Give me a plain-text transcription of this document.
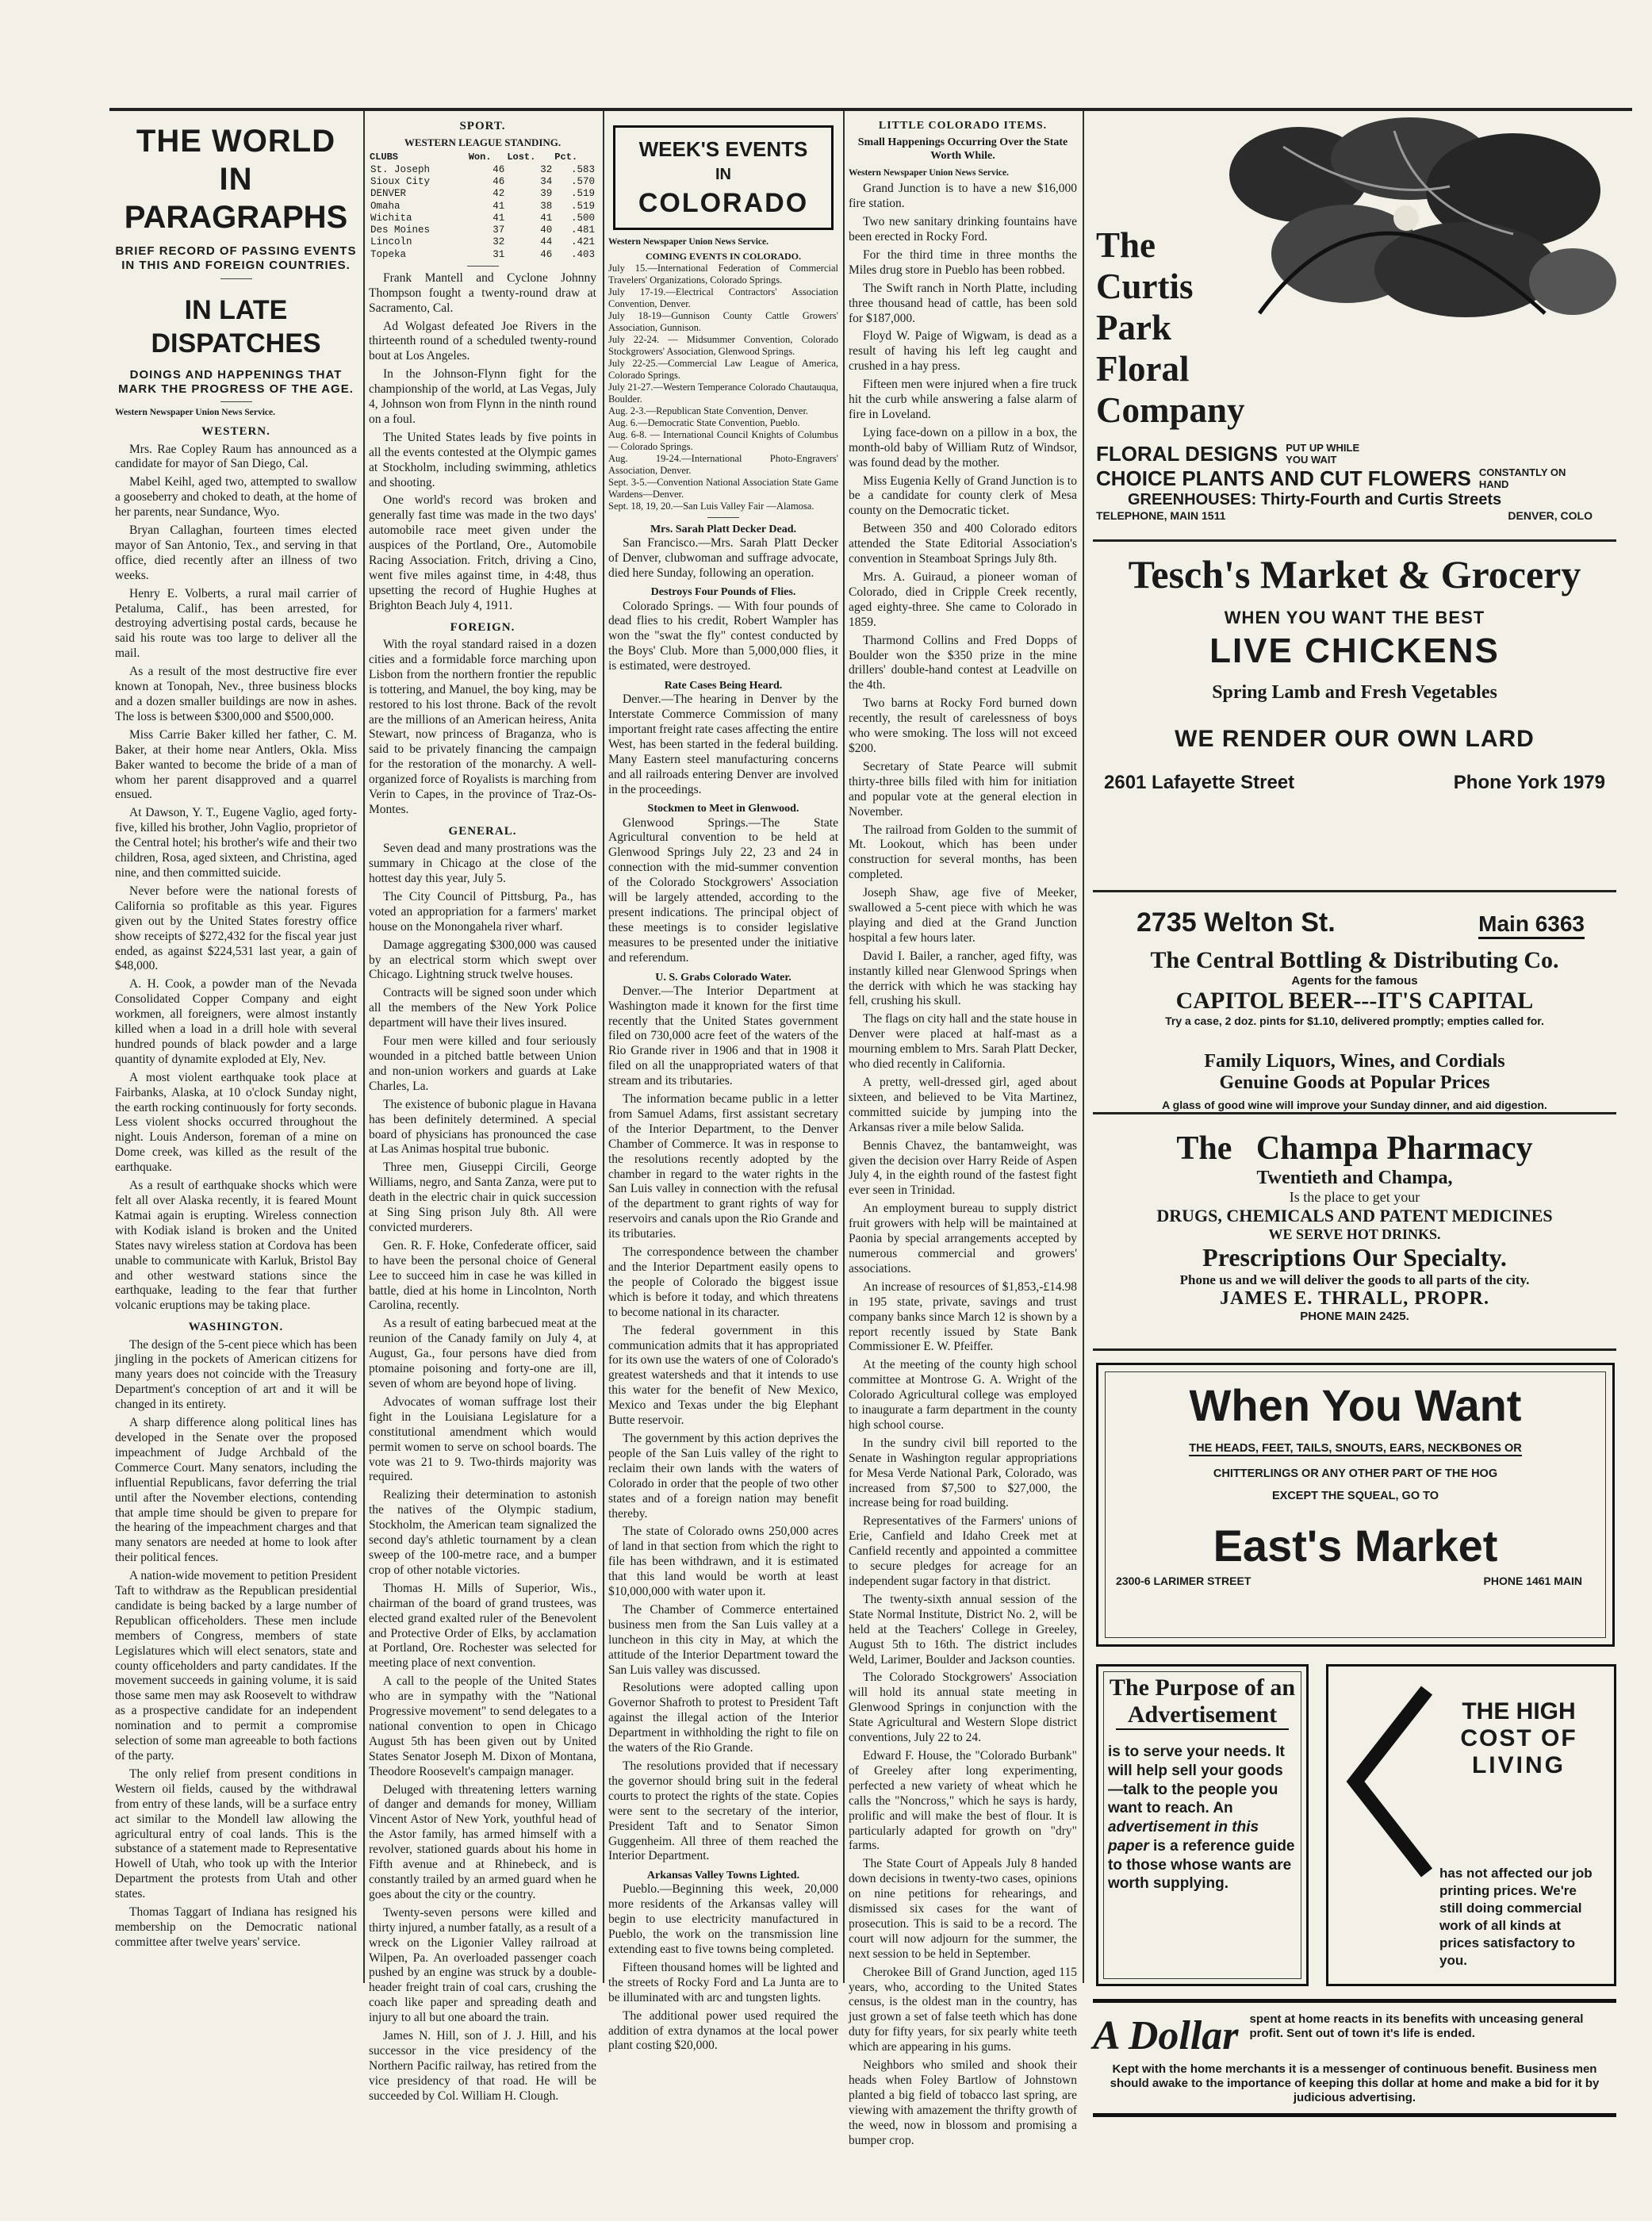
THE WORLD IN
PARAGRAPHS
BRIEF RECORD OF PASSING EVENTS IN THIS AND FOREIGN COUNTRIES.
IN LATE DISPATCHES
DOINGS AND HAPPENINGS THAT MARK THE PROGRESS OF THE AGE.
Western Newspaper Union News Service.
WESTERN.

Mrs. Rae Copley Raum has announced as a candidate for mayor of San Diego, Cal.

Mabel Keihl, aged two, attempted to swallow a gooseberry and choked to death, at the home of her parents, near Sundance, Wyo.

Bryan Callaghan, fourteen times elected mayor of San Antonio, Tex., and serving in that office, died recently after an illness of two weeks.

Henry E. Volberts, a rural mail carrier of Petaluma, Calif., has been arrested, for destroying advertising postal cards, because he said his route was too large to deliver all the mail.

As a result of the most destructive fire ever known at Tonopah, Nev., three business blocks and a dozen smaller buildings are now in ashes. The loss is between $300,000 and $500,000.

Miss Carrie Baker killed her father, C. M. Baker, at their home near Antlers, Okla. Miss Baker wanted to become the bride of a man of whom her parent disapproved and a quarrel ensued.

At Dawson, Y. T., Eugene Vaglio, aged forty-five, killed his brother, John Vaglio, proprietor of the Central hotel; his brother's wife and their two children, Rosa, aged sixteen, and Christina, aged nine, and then committed suicide.

Never before were the national forests of California so profitable as this year. Figures given out by the United States forestry office show receipts of $272,432 for the fiscal year just ended, as against $224,531 last year, a gain of $48,000.

A. H. Cook, a powder man of the Nevada Consolidated Copper Company and eight workmen, all foreigners, were almost instantly killed when a load in a drill hole with several hundred pounds of black powder and a large quantity of dynamite exploded at Ely, Nev.

A most violent earthquake took place at Fairbanks, Alaska, at 10 o'clock Sunday night, the earth rocking continuously for forty seconds. Less violent shocks occurred throughout the night. Louis Anderson, foreman of a mine on Dome creek, was killed as the result of the earthquake.

As a result of earthquake shocks which were felt all over Alaska recently, it is feared Mount Katmai again is erupting. Wireless connection with Kodiak island is broken and the United States navy wireless station at Cordova has been unable to communicate with Karluk, Bristol Bay and other westward stations since the earthquake, leading to the fear that further volcanic eruptions may be taking place.

WASHINGTON.

The design of the 5-cent piece which has been jingling in the pockets of American citizens for many years does not coincide with the Treasury Department's conception of art and it will be changed in its entirety.

A sharp difference along political lines has developed in the Senate over the proposed impeachment of Judge Archbald of the Commerce Court. Many senators, including the influential Republicans, favor deferring the trial until after the November elections, contending that ample time should be given to prepare for the hearing of the impeachment charges and that many senators are needed at home to look after their political fences.

A nation-wide movement to petition President Taft to withdraw as the Republican presidential candidate is being backed by a large number of Republican officeholders. These men include members of Congress, members of state Legislatures which will elect senators, state and county officeholders and party candidates. If the movement succeeds in gaining volume, it is said those same men may ask Roosevelt to withdraw as a prospective candidate for an independent nomination and to permit a compromise selection of some man agreeable to both factions of the party.

The only relief from present conditions in Western oil fields, caused by the withdrawal from entry of these lands, will be a surface entry act similar to the Mondell law allowing the agricultural entry of coal lands. This is the substance of a statement made to Representative Howell of Utah, who took up with the Interior Department the protests from Utah and other states.

Thomas Taggart of Indiana has resigned his membership on the Democratic national committee after twelve years' service.

SPORT.
WESTERN LEAGUE STANDING.
CLUBS	Won.	Lost.	Pct.
St. Joseph	46	32	.583
Sioux City	46	34	.570
DENVER	42	39	.519
Omaha	41	38	.519
Wichita	41	41	.500
Des Moines	37	40	.481
Lincoln	32	44	.421
Topeka	31	46	.403

Frank Mantell and Cyclone Johnny Thompson fought a twenty-round draw at Sacramento, Cal.

Ad Wolgast defeated Joe Rivers in the thirteenth round of a scheduled twenty-round bout at Los Angeles.

In the Johnson-Flynn fight for the championship of the world, at Las Vegas, July 4, Johnson won from Flynn in the ninth round on a foul.

The United States leads by five points in all the events contested at the Olympic games at Stockholm, including swimming, athletics and shooting.

One world's record was broken and generally fast time was made in the two days' automobile race meet given under the auspices of the Portland, Ore., Automobile Racing Association. Fritch, driving a Cino, went five miles against time, in 4:48, thus upsetting the record of Hughie Hughes at Brighton Beach July 4, 1911.

FOREIGN.

With the royal standard raised in a dozen cities and a formidable force marching upon Lisbon from the northern frontier the republic is tottering, and Manuel, the boy king, may be restored to his lost throne. Back of the revolt are the millions of an American heiress, Anita Stewart, now princess of Braganza, who is said to be privately financing the campaign for the restoration of the monarchy. A well-organized force of Royalists is marching from Verin to Capes, in the province of Traz-Os-Montes.

GENERAL.

Seven dead and many prostrations was the summary in Chicago at the close of the hottest day this year, July 5.

The City Council of Pittsburg, Pa., has voted an appropriation for a farmers' market house on the Monongahela river wharf.

Damage aggregating $300,000 was caused by an electrical storm which swept over Chicago. Lightning struck twelve houses.

Contracts will be signed soon under which all the members of the New York Police department will have their lives insured.

Four men were killed and four seriously wounded in a pitched battle between Union and non-union workers and guards at Lake Charles, La.

The existence of bubonic plague in Havana has been definitely determined. A special board of physicians has pronounced the case at Las Animas hospital true bubonic.

Three men, Giuseppi Circili, George Williams, negro, and Santa Zanza, were put to death in the electric chair in quick succession at Sing Sing prison July 8th. All were convicted murderers.

Gen. R. F. Hoke, Confederate officer, said to have been the personal choice of General Lee to succeed him in case he was killed in battle, died at his home in Lincolnton, North Carolina, recently.

As a result of eating barbecued meat at the reunion of the Canady family on July 4, at August, Ga., four persons have died from ptomaine poisoning and forty-one are ill, seven of whom are beyond hope of living.

Advocates of woman suffrage lost their fight in the Louisiana Legislature for a constitutional amendment which would permit women to serve on school boards. The vote was 21 to 9. Two-thirds majority was required.

Realizing their determination to astonish the natives of the Olympic stadium, Stockholm, the American team signalized the second day's athletic tournament by a clean sweep of the 100-metre race, and a bumper crop of other notable victories.

Thomas H. Mills of Superior, Wis., chairman of the board of grand trustees, was elected grand exalted ruler of the Benevolent and Protective Order of Elks, by acclamation at Portland, Ore. Rochester was selected for meeting place of next convention.

A call to the people of the United States who are in sympathy with the "National Progressive movement" to send delegates to a national convention to open in Chicago August 5th has been given out by United States Senator Joseph M. Dixon of Montana, Theodore Roosevelt's campaign manager.

Deluged with threatening letters warning of danger and demands for money, William Vincent Astor of New York, youthful head of the Astor family, has armed himself with a revolver, stationed guards about his home in Fifth avenue and at Rhinebeck, and is constantly trailed by an armed guard when he goes about the city or the country.

Twenty-seven persons were killed and thirty injured, a number fatally, as a result of a wreck on the Ligonier Valley railroad at Wilpen, Pa. An overloaded passenger coach pushed by an engine was struck by a double-header freight train of coal cars, crushing the coach like paper and spreading death and injury to all but one aboard the train.

James N. Hill, son of J. J. Hill, and his successor in the vice presidency of the Northern Pacific railway, has retired from the vice presidency of that road. He will be succeeded by Col. William H. Clough.

WEEK'S EVENTS
IN
COLORADO
Western Newspaper Union News Service.
COMING EVENTS IN COLORADO.
July 15.—International Federation of Commercial Travelers' Organizations, Colorado Springs.
July 17-19.—Electrical Contractors' Association Convention, Denver.
July 18-19—Gunnison County Cattle Growers' Association, Gunnison.
July 22-24. — Midsummer Convention, Colorado Stockgrowers' Association, Glenwood Springs.
July 22-25.—Commercial Law League of America, Colorado Springs.
July 21-27.—Western Temperance Colorado Chautauqua, Boulder.
Aug. 2-3.—Republican State Convention, Denver.
Aug. 6.—Democratic State Convention, Pueblo.
Aug. 6-8. — International Council Knights of Columbus — Colorado Springs.
Aug. 19-24.—International Photo-Engravers' Association, Denver.
Sept. 3-5.—Convention National Association State Game Wardens—Denver.
Sept. 18, 19, 20.—San Luis Valley Fair —Alamosa.
Mrs. Sarah Platt Decker Dead.

San Francisco.—Mrs. Sarah Platt Decker of Denver, clubwoman and suffrage advocate, died here Sunday, following an operation.

Destroys Four Pounds of Flies.

Colorado Springs. — With four pounds of dead flies to his credit, Robert Wampler has won the "swat the fly" contest conducted by the Boys' Club. More than 5,000,000 flies, it is estimated, were destroyed.

Rate Cases Being Heard.

Denver.—The hearing in Denver by the Interstate Commerce Commission of many important freight rate cases affecting the entire West, has been started in the federal building. Many Eastern steel manufacturing concerns and all railroads entering Denver are involved in the proceedings.

Stockmen to Meet in Glenwood.

Glenwood Springs.—The State Agricultural convention to be held at Glenwood Springs July 22, 23 and 24 in connection with the mid-summer convention of the Colorado Stockgrowers' Association will be largely attended, according to the present indications. The principal object of these meetings is to consider legislative measures to be presented under the initiative and referendum.

U. S. Grabs Colorado Water.

Denver.—The Interior Department at Washington made it known for the first time recently that the United States government filed on 730,000 acre feet of the waters of the Rio Grande river in 1906 and that in 1908 it filed on all the unappropriated waters of that stream and its tributaries.

The information became public in a letter from Samuel Adams, first assistant secretary of the Interior Department, to the Denver Chamber of Commerce. It was in response to the resolutions recently adopted by the chamber in regard to the water rights in the San Luis valley in connection with the refusal of the department to grant rights of way for reservoirs and canals upon the Rio Grande and its tributaries.

The correspondence between the chamber and the Interior Department easily opens to the people of Colorado the biggest issue which is before it today, and which threatens to become national in its character.

The federal government in this communication admits that it has appropriated for its own use the waters of one of Colorado's greatest watersheds and that it intends to use this water for the benefit of New Mexico, Mexico and Texas under the big Elephant Butte reservoir.

The government by this action deprives the people of the San Luis valley of the right to reclaim their own lands with the waters of Colorado in order that the people of two other states and of a foreign nation may benefit thereby.

The state of Colorado owns 250,000 acres of land in that section from which the right to file has been withdrawn, and it is estimated that this land would be worth at least $10,000,000 with water upon it.

The Chamber of Commerce entertained business men from the San Luis valley at a luncheon in this city in May, at which the attitude of the Interior Department toward the San Luis valley was discussed.

Resolutions were adopted calling upon Governor Shafroth to protest to President Taft against the illegal action of the Interior Department in withholding the right to file on the waters of the Rio Grande.

The resolutions provided that if necessary the governor should bring suit in the federal courts to protect the rights of the state. Copies were sent to the secretary of the interior, President Taft and to Senator Simon Guggenheim. All three of them reached the Interior Department.

Arkansas Valley Towns Lighted.

Pueblo.—Beginning this week, 20,000 more residents of the Arkansas valley will begin to use electricity manufactured in Pueblo, the work on the transmission line extending east to five towns being completed.

Fifteen thousand homes will be lighted and the streets of Rocky Ford and La Junta are to be illuminated with arc and tungsten lights.

The additional power used required the addition of extra dynamos at the local power plant costing $20,000.

LITTLE COLORADO ITEMS.
Small Happenings Occurring Over the State Worth While.
Western Newspaper Union News Service.

Grand Junction is to have a new $16,000 fire station.

Two new sanitary drinking fountains have been erected in Rocky Ford.

For the third time in three months the Miles drug store in Pueblo has been robbed.

The Swift ranch in North Platte, including three thousand head of cattle, has been sold for $187,000.

Floyd W. Paige of Wigwam, is dead as a result of having his left leg caught and crushed in a hay press.

Fifteen men were injured when a fire truck hit the curb while answering a false alarm of fire in Loveland.

Lying face-down on a pillow in a box, the month-old baby of William Rutz of Windsor, was found dead by the mother.

Miss Eugenia Kelly of Grand Junction is to be a candidate for county clerk of Mesa county on the Democratic ticket.

Between 350 and 400 Colorado editors attended the State Editorial Association's convention in Steamboat Springs July 8th.

Mrs. A. Guiraud, a pioneer woman of Colorado, died in Cripple Creek recently, aged eighty-three. She came to Colorado in 1859.

Tharmond Collins and Fred Dopps of Boulder won the $350 prize in the mine drillers' double-hand contest at Leadville on the 4th.

Two barns at Rocky Ford burned down recently, the result of carelessness of boys who were smoking. The loss will not exceed $200.

Secretary of State Pearce will submit thirty-three bills filed with him for initiation and popular vote at the general election in November.

The railroad from Golden to the summit of Mt. Lookout, which has been under construction for several months, has been completed.

Joseph Shaw, age five of Meeker, swallowed a 5-cent piece with which he was playing and died at the Grand Junction hospital a few hours later.

David I. Bailer, a rancher, aged fifty, was instantly killed near Glenwood Springs when the derrick with which he was stacking hay fell, crushing his skull.

The flags on city hall and the state house in Denver were placed at half-mast as a mourning emblem to Mrs. Sarah Platt Decker, who died recently in California.

A pretty, well-dressed girl, aged about sixteen, and believed to be Vita Martinez, committed suicide by jumping into the Arkansas river a mile below Salida.

Bennis Chavez, the bantamweight, was given the decision over Harry Reide of Aspen July 4, in the eighth round of the fastest fight ever seen in Trinidad.

An employment bureau to supply district fruit growers with help will be maintained at Paonia by special arrangements accepted by numerous commercial and growers' associations.

An increase of resources of $1,853,-£14.98 in 195 state, private, savings and trust company banks since March 12 is shown by a report recently issued by State Bank Commissioner E. W. Pfeiffer.

At the meeting of the county high school committee at Montrose G. A. Wright of the Colorado Agricultural college was employed to inaugurate a farm department in the county high school course.

In the sundry civil bill reported to the Senate in Washington regular appropriations for Mesa Verde National Park, Colorado, was increased from $7,500 to $27,000, the increase being for road building.

Representatives of the Farmers' unions of Erie, Canfield and Idaho Creek met at Canfield recently and appointed a committee to secure pledges for acreage for an independent sugar factory in that district.

The twenty-sixth annual session of the State Normal Institute, District No. 2, will be held at the Teachers' College in Greeley, August 5th to 16th. The district includes Weld, Larimer, Boulder and Jackson counties.

The Colorado Stockgrowers' Association will hold its annual state meeting in Glenwood Springs in conjunction with the State Agricultural and Western Slope district conventions, July 22 to 24.

Edward F. House, the "Colorado Burbank" of Greeley after long experimenting, perfected a new variety of wheat which he calls the "Noncross," which he says is hardy, prolific and will make the best of flour. It is particularly adapted for growth on "dry" farms.

The State Court of Appeals July 8 handed down decisions in twenty-two cases, opinions on nine petitions for rehearings, and dismissed six cases for the want of prosecution. This is said to be a record. The court will now adjourn for the summer, the next session to be held in September.

Cherokee Bill of Grand Junction, aged 115 years, who, according to the United States census, is the oldest man in the country, has just grown a set of false teeth which has done duty for fifty years, for six pearly white teeth which are appearing in his gums.

Neighbors who smiled and shook their heads when Foley Bartlow of Johnstown planted a big field of tobacco last spring, are viewing with amazement the thrifty growth of the weed, now in blossom and promising a bumper crop.

The
Curtis
Park
Floral
Company
FLORAL DESIGNS PUT UP WHILE YOU WAIT
CHOICE PLANTS AND CUT FLOWERS CONSTANTLY ON HAND
GREENHOUSES: Thirty-Fourth and Curtis Streets
TELEPHONE, MAIN 1511	DENVER, COLO
Tesch's Market & Grocery
WHEN YOU WANT THE BEST
LIVE CHICKENS
Spring Lamb and Fresh Vegetables
WE RENDER OUR OWN LARD
2601 Lafayette Street	Phone York 1979
2735 Welton St.	Main 6363
The Central Bottling & Distributing Co.
Agents for the famous
CAPITOL BEER---IT'S CAPITAL
Try a case, 2 doz. pints for $1.10, delivered promptly; empties called for.
Family Liquors, Wines, and Cordials
Genuine Goods at Popular Prices
A glass of good wine will improve your Sunday dinner, and aid digestion.
The Champa Pharmacy
Twentieth and Champa,
Is the place to get your
DRUGS, CHEMICALS AND PATENT MEDICINES
WE SERVE HOT DRINKS.
Prescriptions Our Specialty.
Phone us and we will deliver the goods to all parts of the city.
JAMES E. THRALL, PROPR.
PHONE MAIN 2425.
When You Want
THE HEADS, FEET, TAILS, SNOUTS, EARS, NECKBONES OR
CHITTERLINGS OR ANY OTHER PART OF THE HOG
EXCEPT THE SQUEAL, GO TO
East's Market
2300-6 LARIMER STREET	PHONE 1461 MAIN
The Purpose of an
Advertisement
is to serve your needs. It will help sell your goods—talk to the people you want to reach. An advertisement in this paper is a reference guide to those whose wants are worth supplying.
THE HIGH
COST OF
LIVING
has not affected our job printing prices. We're still doing commercial work of all kinds at prices satisfactory to you.
A Dollar spent at home reacts in its benefits with unceasing general profit. Sent out of town it's life is ended.
Kept with the home merchants it is a messenger of continuous benefit. Business men should awake to the importance of keeping this dollar at home and make a bid for it by judicious advertising.
